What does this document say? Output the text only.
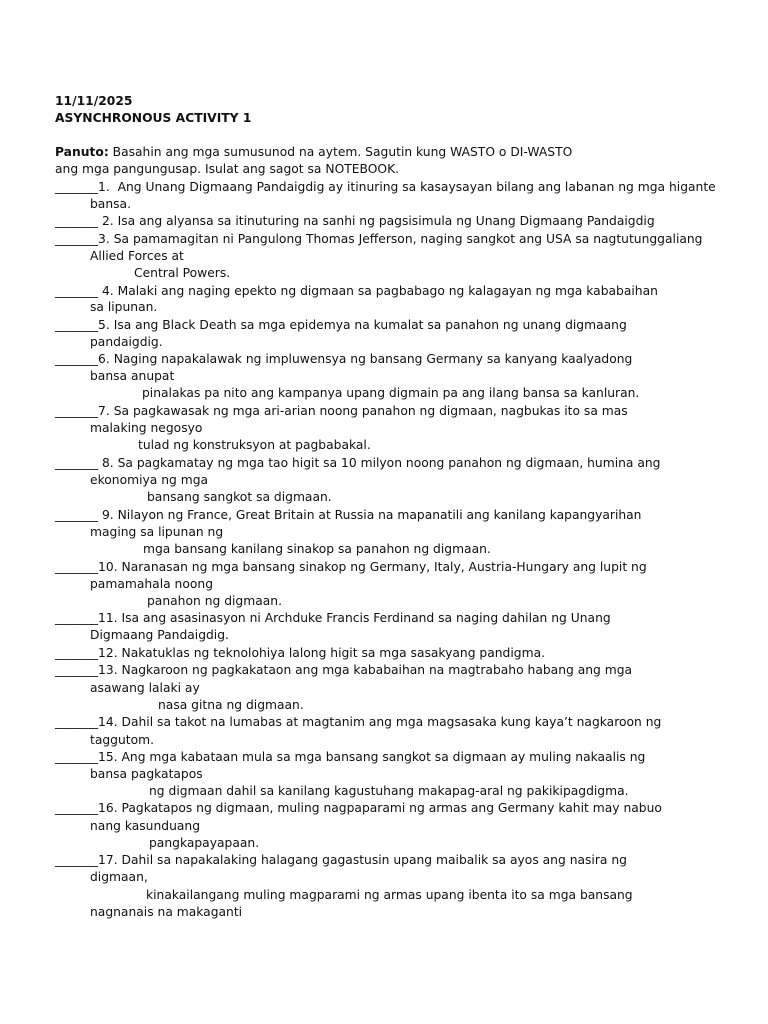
11/11/2025
ASYNCHRONOUS ACTIVITY 1
Panuto: Basahin ang mga sumusunod na aytem. Sagutin kung WASTO o DI-WASTO
ang mga pangungusap. Isulat ang sagot sa NOTEBOOK.
_______1.  Ang Unang Digmaang Pandaigdig ay itinuring sa kasaysayan bilang ang labanan ng mga higante
bansa.
_______ 2. Isa ang alyansa sa itinuturing na sanhi ng pagsisimula ng Unang Digmaang Pandaigdig
_______3. Sa pamamagitan ni Pangulong Thomas Jefferson, naging sangkot ang USA sa nagtutunggaliang
Allied Forces at
Central Powers.
_______ 4. Malaki ang naging epekto ng digmaan sa pagbabago ng kalagayan ng mga kababaihan
sa lipunan.
_______5. Isa ang Black Death sa mga epidemya na kumalat sa panahon ng unang digmaang
pandaigdig.
_______6. Naging napakalawak ng impluwensya ng bansang Germany sa kanyang kaalyadong
bansa anupat
pinalakas pa nito ang kampanya upang digmain pa ang ilang bansa sa kanluran.
_______7. Sa pagkawasak ng mga ari-arian noong panahon ng digmaan, nagbukas ito sa mas
malaking negosyo
tulad ng konstruksyon at pagbabakal.
_______ 8. Sa pagkamatay ng mga tao higit sa 10 milyon noong panahon ng digmaan, humina ang
ekonomiya ng mga
bansang sangkot sa digmaan.
_______ 9. Nilayon ng France, Great Britain at Russia na mapanatili ang kanilang kapangyarihan
maging sa lipunan ng
mga bansang kanilang sinakop sa panahon ng digmaan.
_______10. Naranasan ng mga bansang sinakop ng Germany, Italy, Austria-Hungary ang lupit ng
pamamahala noong
panahon ng digmaan.
_______11. Isa ang asasinasyon ni Archduke Francis Ferdinand sa naging dahilan ng Unang
Digmaang Pandaigdig.
_______12. Nakatuklas ng teknolohiya lalong higit sa mga sasakyang pandigma.
_______13. Nagkaroon ng pagkakataon ang mga kababaihan na magtrabaho habang ang mga
asawang lalaki ay
nasa gitna ng digmaan.
_______14. Dahil sa takot na lumabas at magtanim ang mga magsasaka kung kaya’t nagkaroon ng
taggutom.
_______15. Ang mga kabataan mula sa mga bansang sangkot sa digmaan ay muling nakaalis ng
bansa pagkatapos
ng digmaan dahil sa kanilang kagustuhang makapag-aral ng pakikipagdigma.
_______16. Pagkatapos ng digmaan, muling nagpaparami ng armas ang Germany kahit may nabuo
nang kasunduang
pangkapayapaan.
_______17. Dahil sa napakalaking halagang gagastusin upang maibalik sa ayos ang nasira ng
digmaan,
kinakailangang muling magparami ng armas upang ibenta ito sa mga bansang
nagnanais na makaganti
